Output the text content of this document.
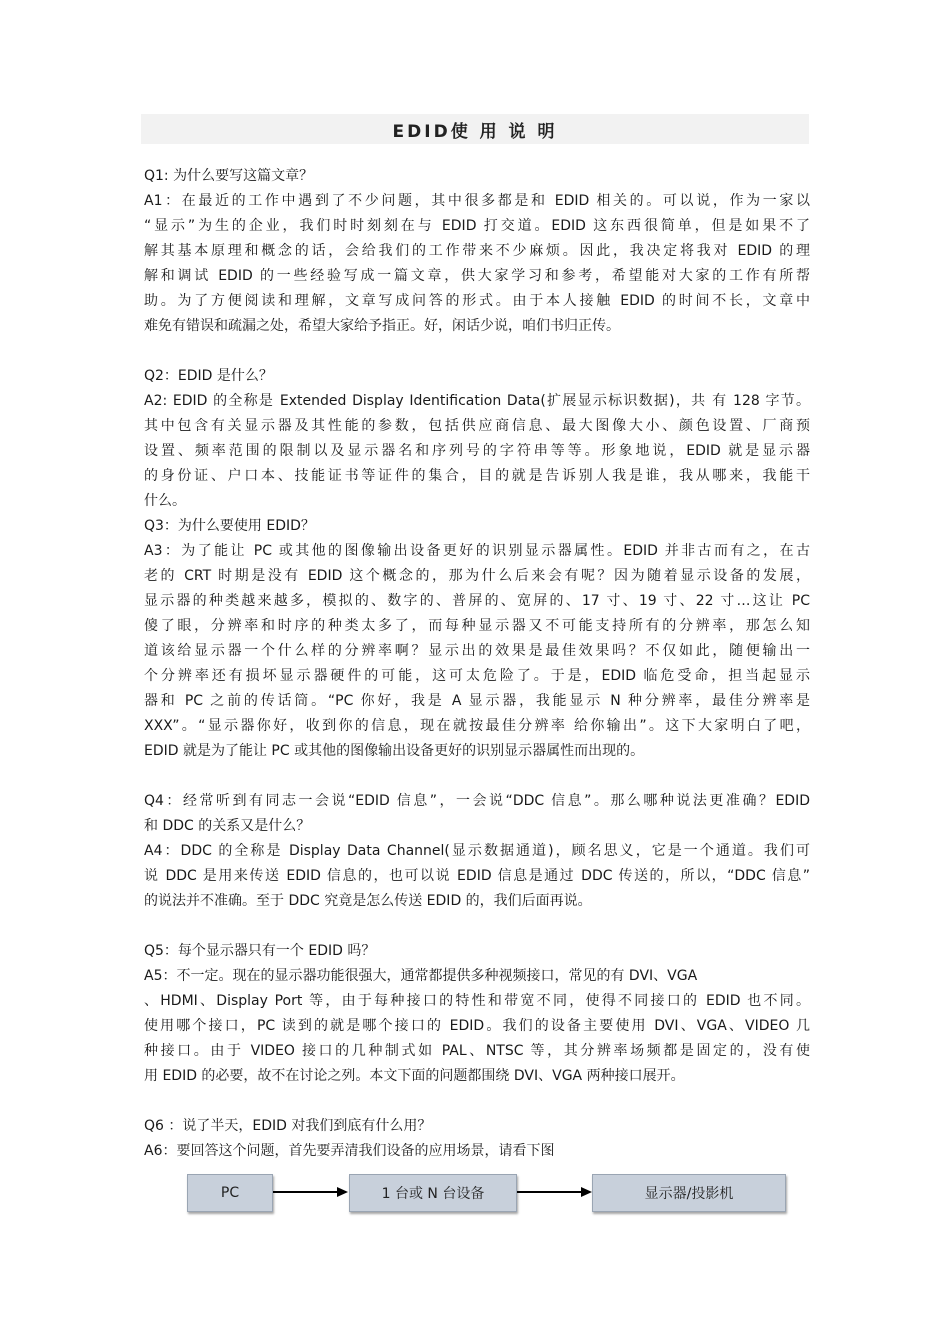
EDID使 用 说 明
Q1: 为什么要写这篇文章？
A1：在最近的工作中遇到了不少问题，其中很多都是和 EDID 相关的。可以说，作为一家以
“显示”为生的企业，我们时时刻刻在与 EDID 打交道。EDID 这东西很简单，但是如果不了
解其基本原理和概念的话，会给我们的工作带来不少麻烦。因此，我决定将我对 EDID 的理
解和调试 EDID 的一些经验写成一篇文章，供大家学习和参考，希望能对大家的工作有所帮
助。为了方便阅读和理解，文章写成问答的形式。由于本人接触 EDID 的时间不长，文章中
难免有错误和疏漏之处，希望大家给予指正。好，闲话少说，咱们书归正传。
Q2：EDID 是什么？
A2: EDID 的全称是 Extended Display Identification Data(扩展显示标识数据)，共 有 128 字节。
其中包含有关显示器及其性能的参数，包括供应商信息、最大图像大小、颜色设置、厂商预
设置、频率范围的限制以及显示器名和序列号的字符串等等。形象地说，EDID 就是显示器
的身份证、户口本、技能证书等证件的集合，目的就是告诉别人我是谁，我从哪来，我能干
什么。
Q3：为什么要使用 EDID？
A3：为了能让 PC 或其他的图像输出设备更好的识别显示器属性。EDID 并非古而有之，在古
老的 CRT 时期是没有 EDID 这个概念的，那为什么后来会有呢？因为随着显示设备的发展，
显示器的种类越来越多，模拟的、数字的、普屏的、宽屏的、17 寸、19 寸、22 寸…这让 PC
傻了眼，分辨率和时序的种类太多了，而每种显示器又不可能支持所有的分辨率，那怎么知
道该给显示器一个什么样的分辨率啊？显示出的效果是最佳效果吗？不仅如此，随便输出一
个分辨率还有损坏显示器硬件的可能，这可太危险了。于是，EDID 临危受命，担当起显示
器和 PC 之前的传话筒。“PC 你好，我是 A 显示器，我能显示 N 种分辨率，最佳分辨率是
XXX”。“显示器你好，收到你的信息，现在就按最佳分辨率 给你输出”。这下大家明白了吧，
EDID 就是为了能让 PC 或其他的图像输出设备更好的识别显示器属性而出现的。
Q4：经常听到有同志一会说“EDID 信息”，一会说“DDC 信息”。那么哪种说法更准确？EDID
和 DDC 的关系又是什么？
A4：DDC 的全称是 Display Data Channel(显示数据通道)，顾名思义，它是一个通道。我们可
说 DDC 是用来传送 EDID 信息的，也可以说 EDID 信息是通过 DDC 传送的，所以，“DDC 信息”
的说法并不准确。至于 DDC 究竟是怎么传送 EDID 的，我们后面再说。
Q5：每个显示器只有一个 EDID 吗？
A5：不一定。现在的显示器功能很强大，通常都提供多种视频接口，常见的有 DVI、VGA
、HDMI、Display Port 等，由于每种接口的特性和带宽不同，使得不同接口的 EDID 也不同。
使用哪个接口，PC 读到的就是哪个接口的 EDID。我们的设备主要使用 DVI、VGA、VIDEO 几
种接口。由于 VIDEO 接口的几种制式如 PAL、NTSC 等，其分辨率场频都是固定的，没有使
用 EDID 的必要，故不在讨论之列。本文下面的问题都围绕 DVI、VGA 两种接口展开。
Q6 ：说了半天，EDID 对我们到底有什么用？
A6：要回答这个问题，首先要弄清我们设备的应用场景，请看下图
PC	1 台或 N 台设备	显示器/投影机
